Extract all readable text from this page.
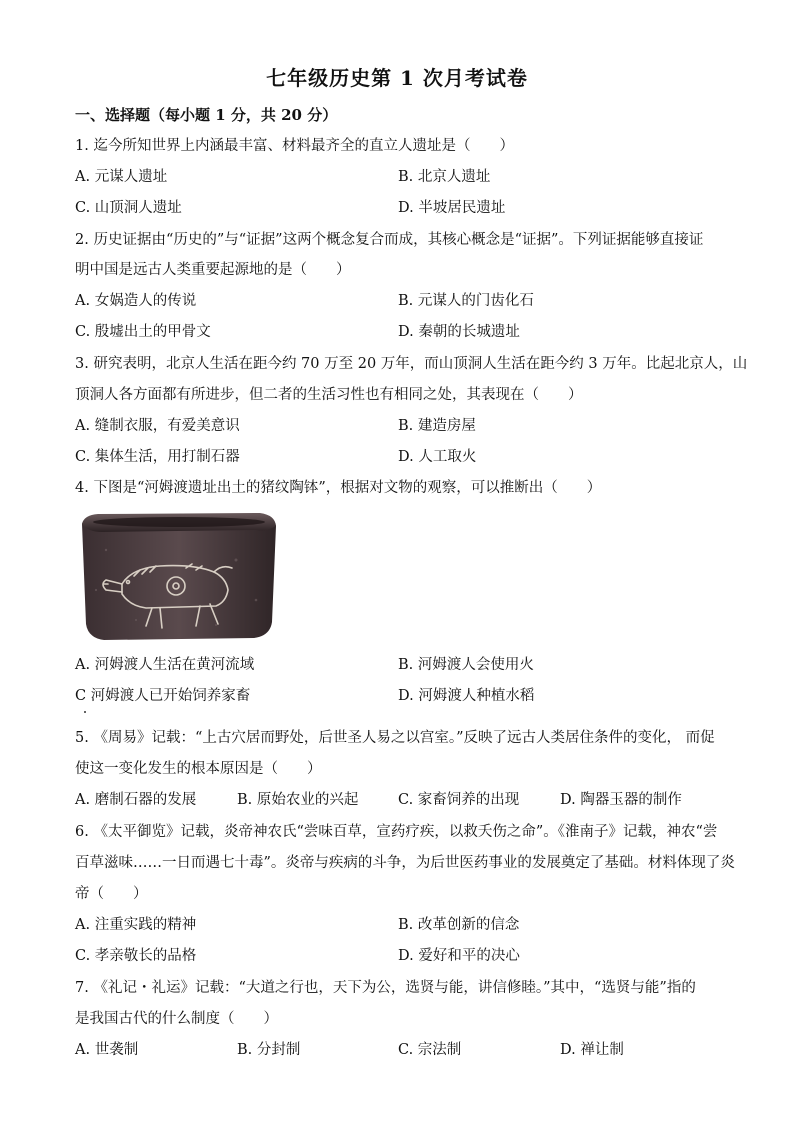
七年级历史第 1 次月考试卷
一、选择题（每小题 1 分，共 20 分）
1. 迄今所知世界上内涵最丰富、材料最齐全的直立人遗址是（　　）
A. 元谋人遗址	B. 北京人遗址
C. 山顶洞人遗址	D. 半坡居民遗址
2. 历史证据由“历史的”与“证据”这两个概念复合而成，其核心概念是“证据”。下列证据能够直接证
明中国是远古人类重要起源地的是（　　）
A. 女娲造人的传说	B. 元谋人的门齿化石
C. 殷墟出土的甲骨文	D. 秦朝的长城遗址
3. 研究表明，北京人生活在距今约 70 万至 20 万年，而山顶洞人生活在距今约 3 万年。比起北京人，山
顶洞人各方面都有所进步，但二者的生活习性也有相同之处，其表现在（　　）
A. 缝制衣服，有爱美意识	B. 建造房屋
C. 集体生活，用打制石器	D. 人工取火
4. 下图是“河姆渡遗址出土的猪纹陶钵”，根据对文物的观察，可以推断出（　　）
A. 河姆渡人生活在黄河流域	B. 河姆渡人会使用火
C 河姆渡人已开始饲养家畜	D. 河姆渡人种植水稻
5. 《周易》记载：“上古穴居而野处，后世圣人易之以宫室。”反映了远古人类居住条件的变化， 而促
使这一变化发生的根本原因是（　　）
A. 磨制石器的发展	B. 原始农业的兴起	C. 家畜饲养的出现	D. 陶器玉器的制作
6. 《太平御览》记载，炎帝神农氏“尝味百草，宣药疗疾，以救夭伤之命”。《淮南子》记载，神农“尝
百草滋味……一日而遇七十毒”。炎帝与疾病的斗争，为后世医药事业的发展奠定了基础。材料体现了炎
帝（　　）
A. 注重实践的精神	B. 改革创新的信念
C. 孝亲敬长的品格	D. 爱好和平的决心
7. 《礼记・礼运》记载：“大道之行也，天下为公，选贤与能，讲信修睦。”其中，“选贤与能”指的
是我国古代的什么制度（　　）
A. 世袭制	B. 分封制	C. 宗法制	D. 禅让制
